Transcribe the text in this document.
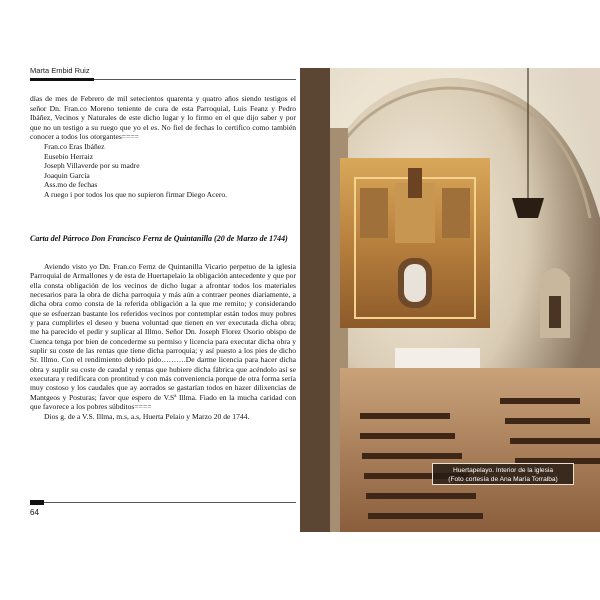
Marta Embid Ruiz

días de mes de Febrero de mil setecientos quarenta y quatro años siendo testigos el señor Dn. Fran.co Moreno teniente de cura de esta Parroquial, Luis Feanz y Pedro Ibáñez, Vecinos y Naturales de este dicho lugar y lo firmo en el que dijo saber y por que no un testigo a su ruego que yo el es. No fiel de fechas lo certifico como también conocer a todos los otorgantes====

Fran.co Eras Ibáñez
Eusebio Herraiz
Joseph Villaverde por su madre
Joaquin García
Ass.mo de fechas
A ruego i por todos los que no supieron firmar Diego Acero.
Carta del Párroco Don Francisco Fernz de Quintanilla (20 de Marzo de 1744)

Aviendo visto yo Dn. Fran.co Fernz de Quintanilla Vicario perpetuo de la iglesia Parroquial de Armallones y de esta de Huertapelaio la obligación antecedente y que por ella consta obligación de los vecinos de dicho lugar a afrontar todos los materiales necesarios para la obra de dicha parroquia y más aún a contraer peones diariamente, a dicha obra como consta de la referida obligación a la que me remito; y considerando que se esfuerzan bastante los referidos vecinos por contemplar están todos muy pobres y para cumplirles el deseo y buena voluntad que tienen en ver executada dicha obra; me ha parecido el pedir y suplicar al Illmo. Señor Dn. Joseph Florez Osorio obispo de Cuenca tenga por bien de concederme su permiso y licencia para executar dicha obra y suplir su coste de las rentas que tiene dicha parroquia; y así puesto a los pies de dicho Sr. Illmo. Con el rendimiento debido pido……….De darme licencia para hacer dicha obra y suplir su coste de caudal y rentas que hubiere dicha fábrica que acéndolo así se executara y redificara con prontitud y con más conveniencia porque de otra forma sería muy costoso y los caudales que ay aorrados se gastarían todos en hazer dilixencias de Mantgeos y Posturas; favor que espero de V.Sª Illma. Fiado en la mucha caridad con que favorece a los pobres súbditos====

Dios g. de a V.S. Illma, m.s, a.s, Huerta Pelaio y Marzo 20 de 1744.

64
Huertapelayo. Interior de la iglesia
(Foto cortesía de Ana María Torralba)
